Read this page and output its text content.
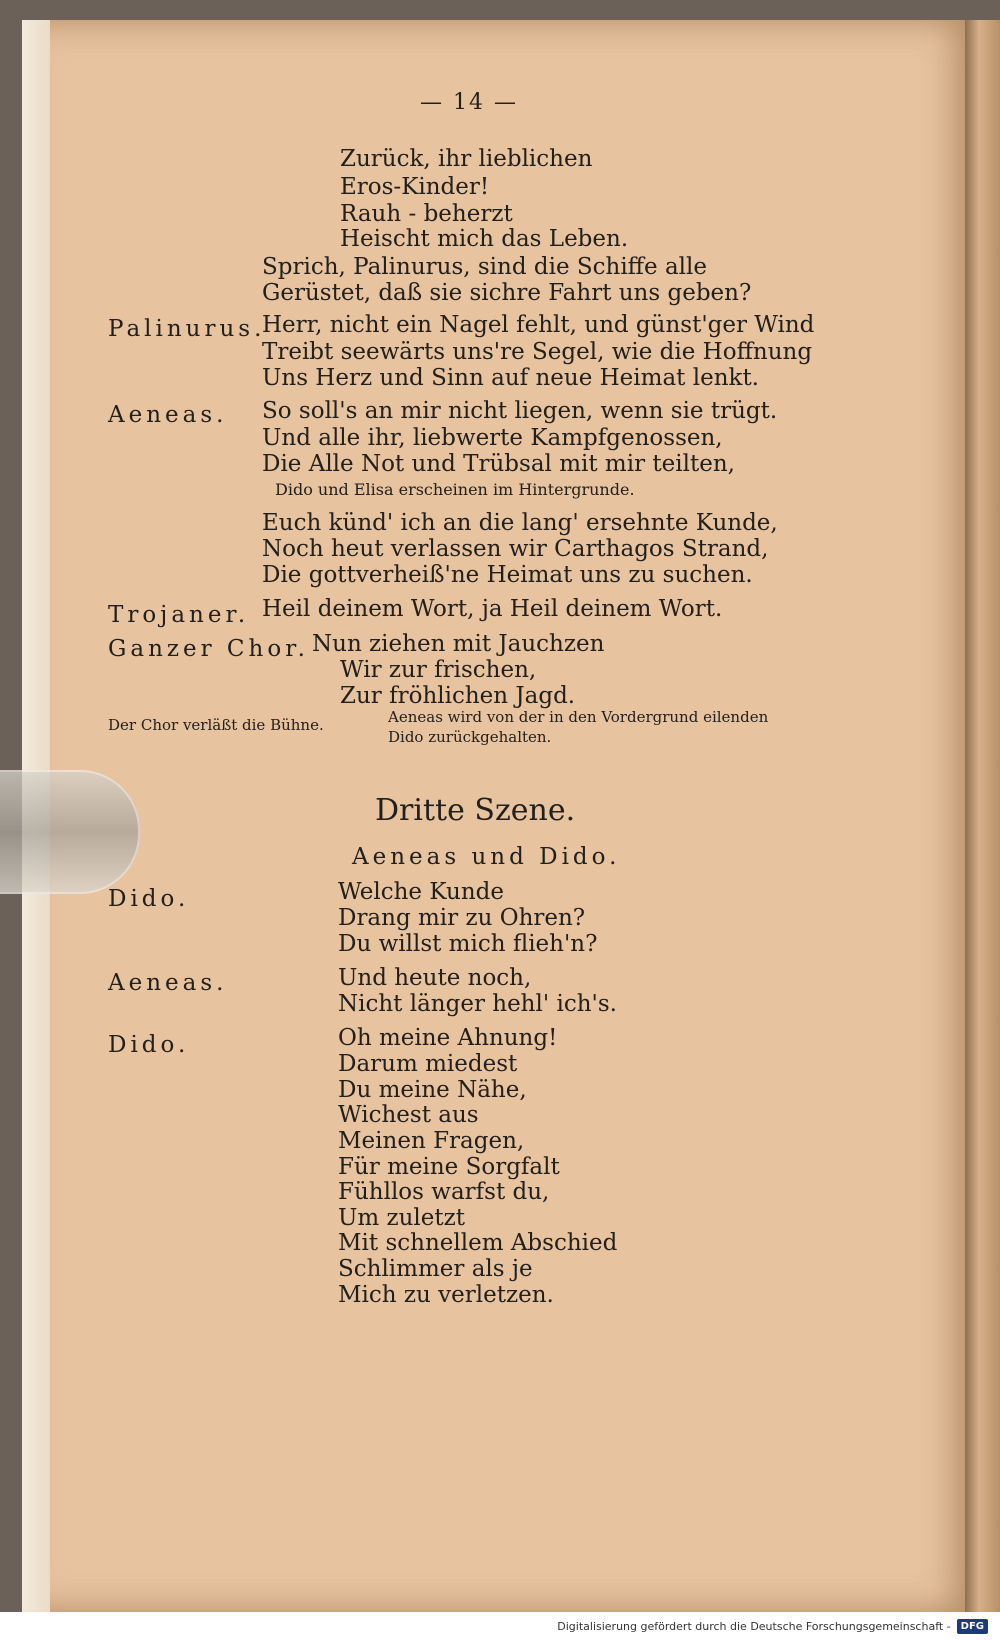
— 14 —
Zurück, ihr lieblichen
Eros-Kinder!
Rauh - beherzt
Heischt mich das Leben.
Sprich, Palinurus, sind die Schiffe alle
Gerüstet, daß sie sichre Fahrt uns geben?
Palinurus.
Herr, nicht ein Nagel fehlt, und günst'ger Wind
Treibt seewärts uns're Segel, wie die Hoffnung
Uns Herz und Sinn auf neue Heimat lenkt.
Aeneas. So soll's an mir nicht liegen, wenn sie trügt.
Und alle ihr, liebwerte Kampfgenossen,
Die Alle Not und Trübsal mit mir teilten,
Dido und Elisa erscheinen im Hintergrunde.
Euch künd' ich an die lang' ersehnte Kunde,
Noch heut verlassen wir Carthagos Strand,
Die gottverheiß'ne Heimat uns zu suchen.
Trojaner. Heil deinem Wort, ja Heil deinem Wort.
Ganzer Chor. Nun ziehen mit Jauchzen
Wir zur frischen,
Zur fröhlichen Jagd.
Der Chor verläßt die Bühne.	Aeneas wird von der in den Vordergrund eilenden
Dido zurückgehalten.
Dritte Szene.
Aeneas und Dido.
Dido.	Welche Kunde
Drang mir zu Ohren?
Du willst mich flieh'n?
Aeneas.	Und heute noch,
Nicht länger hehl' ich's.
Dido.	Oh meine Ahnung!
Darum miedest
Du meine Nähe,
Wichest aus
Meinen Fragen,
Für meine Sorgfalt
Fühllos warfst du,
Um zuletzt
Mit schnellem Abschied
Schlimmer als je
Mich zu verletzen.
Digitalisierung gefördert durch die Deutsche Forschungsgemeinschaft -	DFG
